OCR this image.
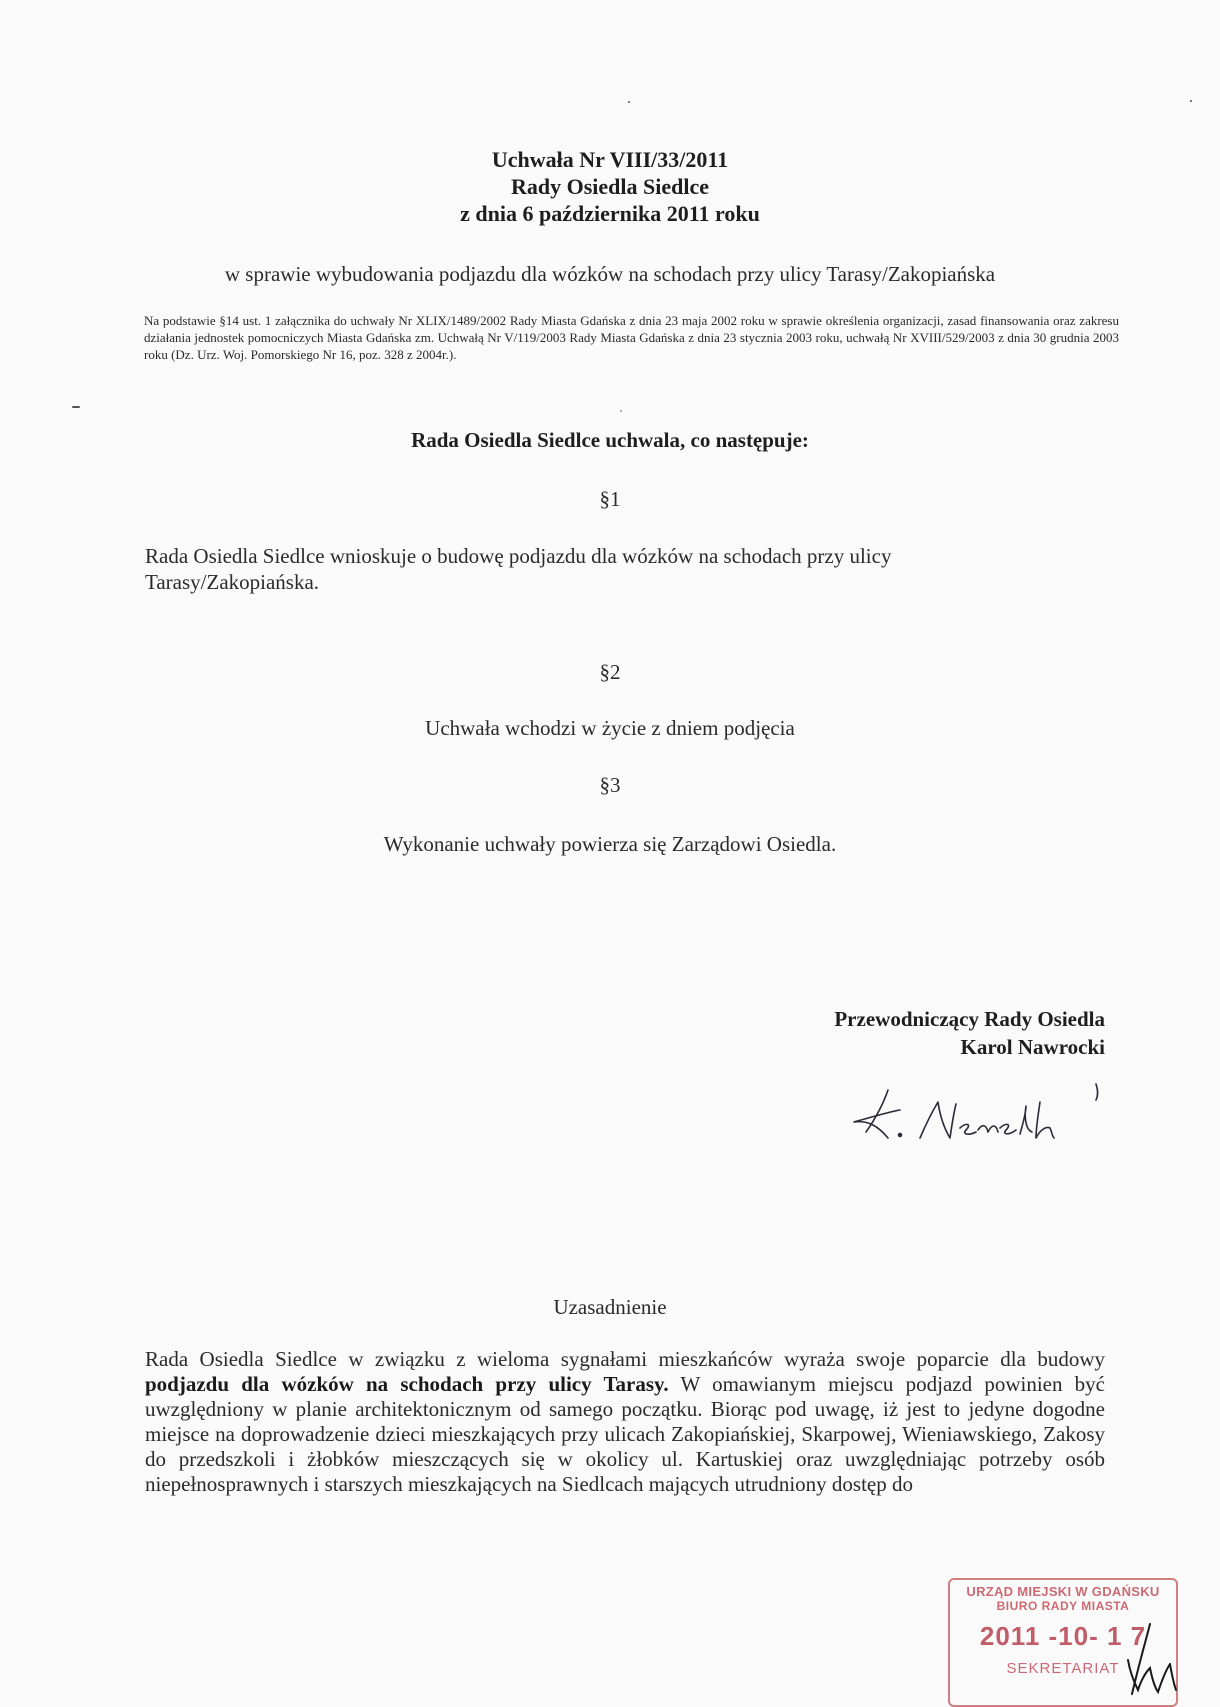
Uchwała Nr VIII/33/2011
Rady Osiedla Siedlce
z dnia 6 października 2011 roku
w sprawie wybudowania podjazdu dla wózków na schodach przy ulicy Tarasy/Zakopiańska
Na podstawie §14 ust. 1 załącznika do uchwały Nr XLIX/1489/2002 Rady Miasta Gdańska z dnia 23 maja 2002 roku w sprawie określenia organizacji, zasad finansowania oraz zakresu działania jednostek pomocniczych Miasta Gdańska zm. Uchwałą Nr V/119/2003 Rady Miasta Gdańska z dnia 23 stycznia 2003 roku, uchwałą Nr XVIII/529/2003 z dnia 30 grudnia 2003 roku (Dz. Urz. Woj. Pomorskiego Nr 16, poz. 328 z 2004r.).
Rada Osiedla Siedlce uchwala, co następuje:
§1
Rada Osiedla Siedlce wnioskuje o budowę podjazdu dla wózków na schodach przy ulicy Tarasy/Zakopiańska.
§2
Uchwała wchodzi w życie z dniem podjęcia
§3
Wykonanie uchwały powierza się Zarządowi Osiedla.
Przewodniczący Rady Osiedla
Karol Nawrocki
Uzasadnienie
Rada Osiedla Siedlce w związku z wieloma sygnałami mieszkańców wyraża swoje poparcie dla budowy podjazdu dla wózków na schodach przy ulicy Tarasy. W omawianym miejscu podjazd powinien być uwzględniony w planie architektonicznym od samego początku. Biorąc pod uwagę, iż jest to jedyne dogodne miejsce na doprowadzenie dzieci mieszkających przy ulicach Zakopiańskiej, Skarpowej, Wieniawskiego, Zakosy do przedszkoli i żłobków mieszczących się w okolicy ul. Kartuskiej oraz uwzględniając potrzeby osób niepełnosprawnych i starszych mieszkających na Siedlcach mających utrudniony dostęp do
URZĄD MIEJSKI W GDAŃSKU
BIURO RADY MIASTA
2011 -10- 1 7
SEKRETARIAT
